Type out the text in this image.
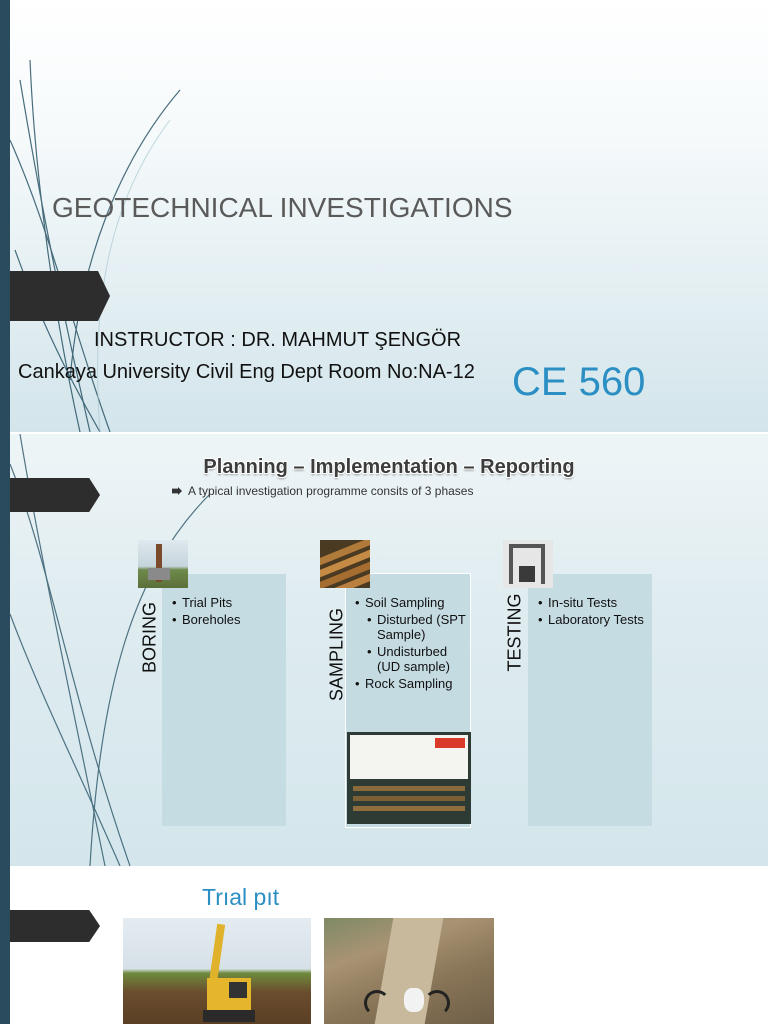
GEOTECHNICAL INVESTIGATIONS
INSTRUCTOR : DR. MAHMUT ŞENGÖR
CE 560
Cankaya University Civil Eng Dept Room No:NA-12
Planning – Implementation – Reporting
A typical investigation programme consits of 3 phases
BORING	• Trial Pits
• Boreholes	SAMPLING
• Soil Sampling
• Disturbed (SPT Sample)
• Undisturbed (UD sample)
• Rock Sampling
TESTING	• In-situ Tests
• Laboratory Tests
Trıal pıt
